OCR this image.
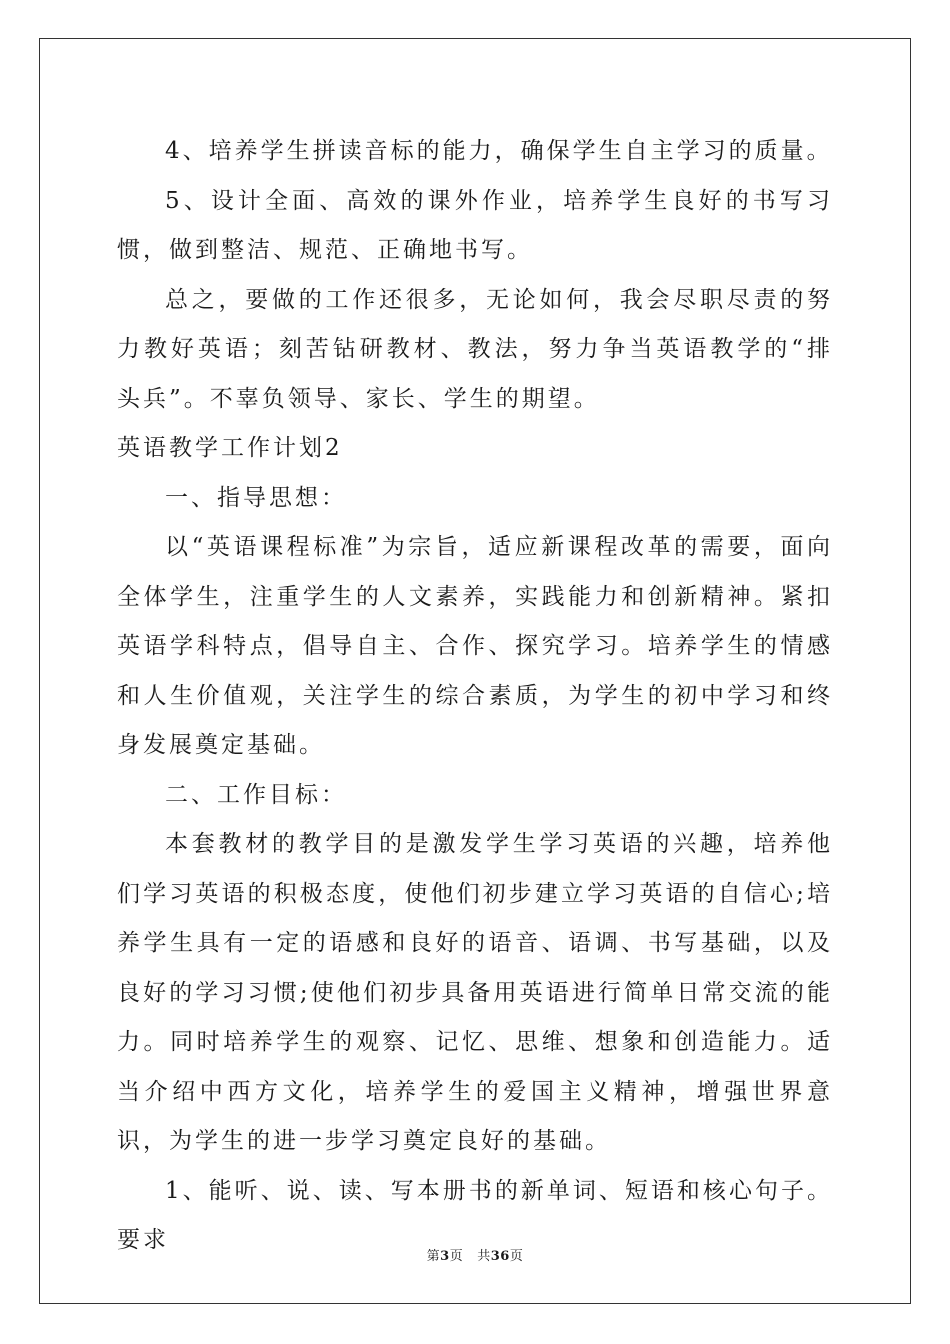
4、培养学生拼读音标的能力，确保学生自主学习的质量。

5、设计全面、高效的课外作业，培养学生良好的书写习惯，做到整洁、规范、正确地书写。

总之，要做的工作还很多，无论如何，我会尽职尽责的努力教好英语；刻苦钻研教材、教法，努力争当英语教学的“排头兵”。不辜负领导、家长、学生的期望。

英语教学工作计划2

一、指导思想：

以“英语课程标准”为宗旨，适应新课程改革的需要，面向全体学生，注重学生的人文素养，实践能力和创新精神。紧扣英语学科特点，倡导自主、合作、探究学习。培养学生的情感和人生价值观，关注学生的综合素质，为学生的初中学习和终身发展奠定基础。

二、工作目标：

本套教材的教学目的是激发学生学习英语的兴趣，培养他们学习英语的积极态度，使他们初步建立学习英语的自信心;培养学生具有一定的语感和良好的语音、语调、书写基础，以及良好的学习习惯;使他们初步具备用英语进行简单日常交流的能力。同时培养学生的观察、记忆、思维、想象和创造能力。适当介绍中西方文化，培养学生的爱国主义精神，增强世界意识，为学生的进一步学习奠定良好的基础。

1、能听、说、读、写本册书的新单词、短语和核心句子。要求

第3页 共36页
